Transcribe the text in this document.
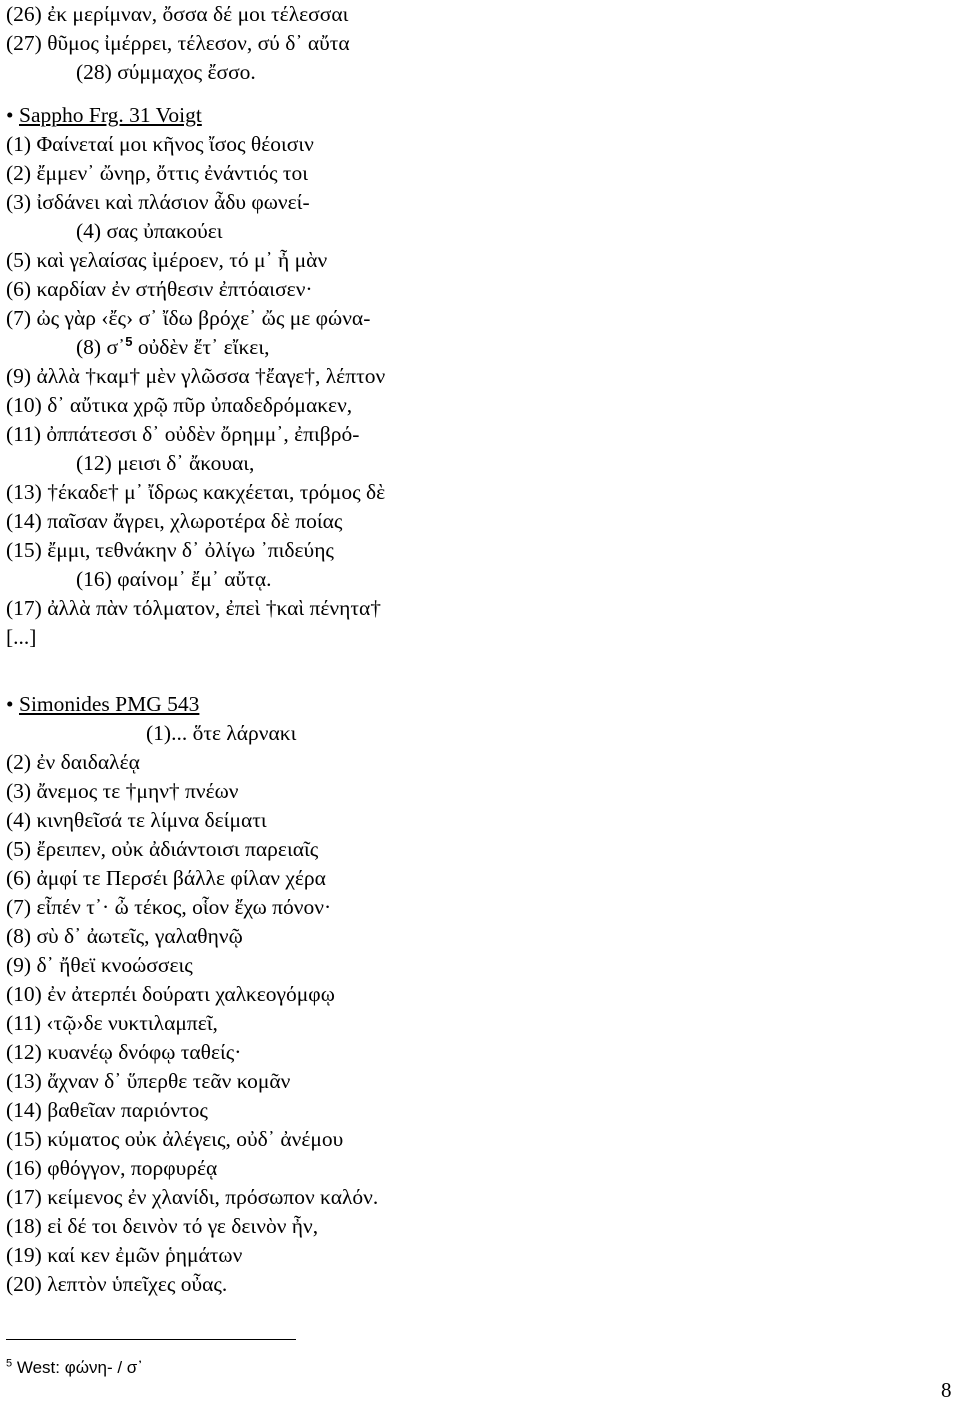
(26) ἐκ μερίμναν, ὄσσα δέ μοι τέλεσσαι
(27) θῦμος ἰμέρρει, τέλεσον, σύ δ᾽ αὔτα
(28) σύμμαχος ἔσσο.
• Sappho Frg. 31 Voigt
(1) Φαίνεταί μοι κῆνος ἴσος θέοισιν
(2) ἔμμεν᾽ ὤνηρ, ὄττις ἐνάντιός τοι
(3) ἰσδάνει καὶ πλάσιον ἆδυ φωνεί-
(4) σας ὐπακούει
(5) καὶ γελαίσας ἰμέροεν, τό μ᾽ ἦ μὰν
(6) καρδίαν ἐν στήθεσιν ἐπτόαισεν·
(7) ὠς γὰρ ‹ἔς› σ᾽ ἴδω βρόχε᾽ ὤς με φώνα-
(8) σ᾽$^5$ οὐδὲν ἔτ᾽ εἴκει,
(9) ἀλλὰ †καμ† μὲν γλῶσσα †ἔαγε†, λέπτον
(10) δ᾽ αὔτικα χρῷ πῦρ ὐπαδεδρόμακεν,
(11) ὀππάτεσσι δ᾽ οὐδὲν ὄρημμ᾽, ἐπιβρό-
(12) μεισι δ᾽ ἄκουαι,
(13) †έκαδε† μ᾽ ἴδρως κακχέεται, τρόμος δὲ
(14) παῖσαν ἄγρει, χλωροτέρα δὲ ποίας
(15) ἔμμι, τεθνάκην δ᾽ ὀλίγω ᾽πιδεύης
(16) φαίνομ᾽ ἔμ᾽ αὔτᾳ.
(17) ἀλλὰ πὰν τόλματον, ἐπεὶ †καὶ πένητα†
[...]
• Simonides PMG 543
(1)... ὅτε λάρνακι
(2) ἐν δαιδαλέᾳ
(3) ἄνεμος τε †μην† πνέων
(4) κινηθεῖσά τε λίμνα δείματι
(5) ἔρειπεν, οὐκ ἀδιάντοισι παρειαῖς
(6) ἀμφί τε Περσέι βάλλε φίλαν χέρα
(7) εἶπέν τ᾽· ὦ τέκος, οἷον ἔχω πόνον·
(8) σὺ δ᾽ ἀωτεῖς, γαλαθηνῷ
(9) δ᾽ ἤθεϊ κνοώσσεις
(10) ἐν ἀτερπέι δούρατι χαλκεογόμφῳ
(11) ‹τῷ›δε νυκτιλαμπεῖ,
(12) κυανέῳ δνόφῳ ταθείς·
(13) ἄχναν δ᾽ ὕπερθε τεᾶν κομᾶν
(14) βαθεῖαν παριόντος
(15) κύματος οὐκ ἀλέγεις, οὐδ᾽ ἀνέμου
(16) φθόγγον, πορφυρέᾳ
(17) κείμενος ἐν χλανίδι, πρόσωπον καλόν.
(18) εἰ δέ τοι δεινὸν τό γε δεινὸν ἦν,
(19) καί κεν ἐμῶν ῥημάτων
(20) λεπτὸν ὑπεῖχες οὖας.
$^5$ West: φώνη- / σ᾽
8
